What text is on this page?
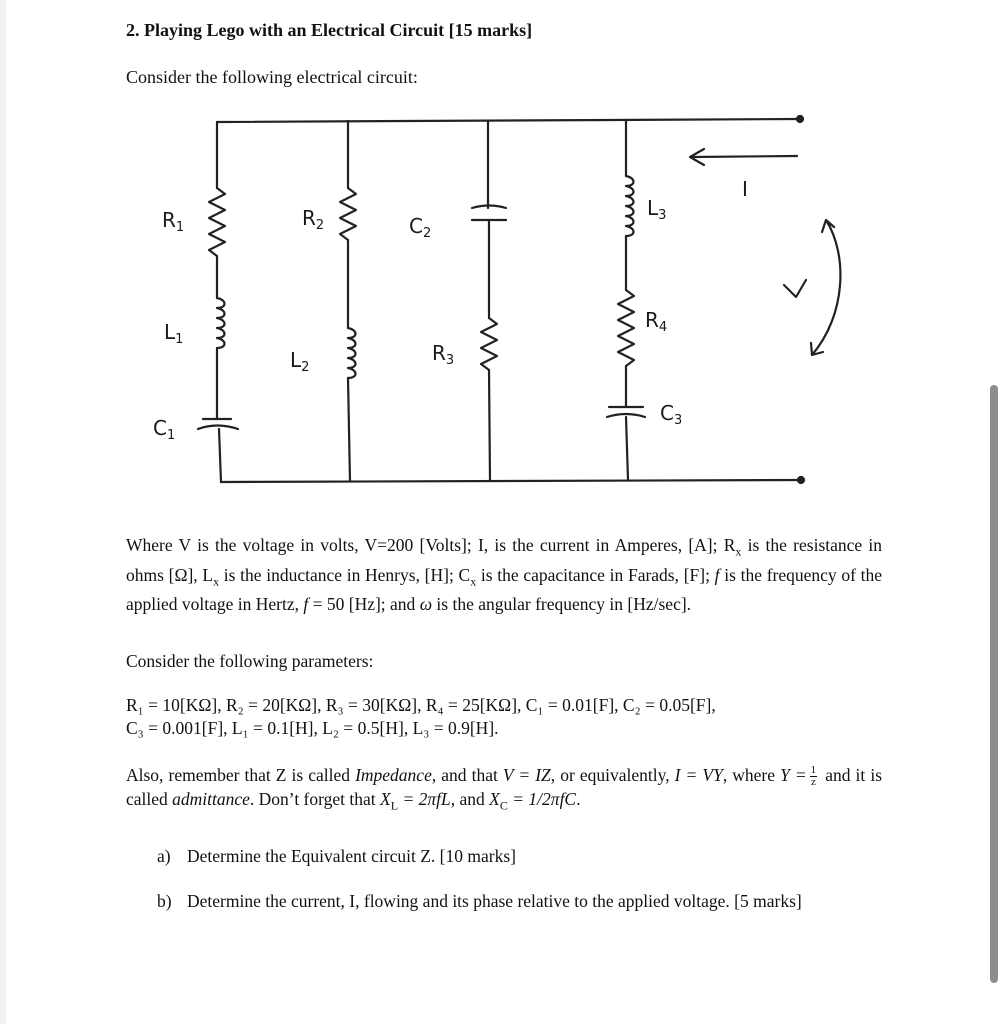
2. Playing Lego with an Electrical Circuit [15 marks]
Consider the following electrical circuit:
$R_1$	$R_2$	$C_2$
$L_3$
I
$L_1$
$L_2$
$R_3$
$R_4$
$C_1$
$C_3$
Where V is the voltage in volts, V=200 [Volts]; I, is the current in Amperes, [A]; $R_x$ is the resistance in ohms [Ω], $L_x$ is the inductance in Henrys, [H]; $C_x$ is the capacitance in Farads, [F]; f is the frequency of the applied voltage in Hertz, f = 50 [Hz]; and ω is the angular frequency in [Hz/sec].
Consider the following parameters:
R₁ = 10[KΩ], R₂ = 20[KΩ], R₃ = 30[KΩ], R₄ = 25[KΩ], C₁ = 0.01[F], C₂ = 0.05[F],
C₃ = 0.001[F], L₁ = 0.1[H], L₂ = 0.5[H], L₃ = 0.9[H].
Also, remember that Z is called Impedance, and that V = IZ, or equivalently, I = VY, where $Y = \frac{1}{z}$ and it is called admittance. Don’t forget that $X_L = 2\pi fL$, and $X_C = 1/2\pi fC$.
a) Determine the Equivalent circuit Z. [10 marks]
b) Determine the current, I, flowing and its phase relative to the applied voltage. [5 marks]
